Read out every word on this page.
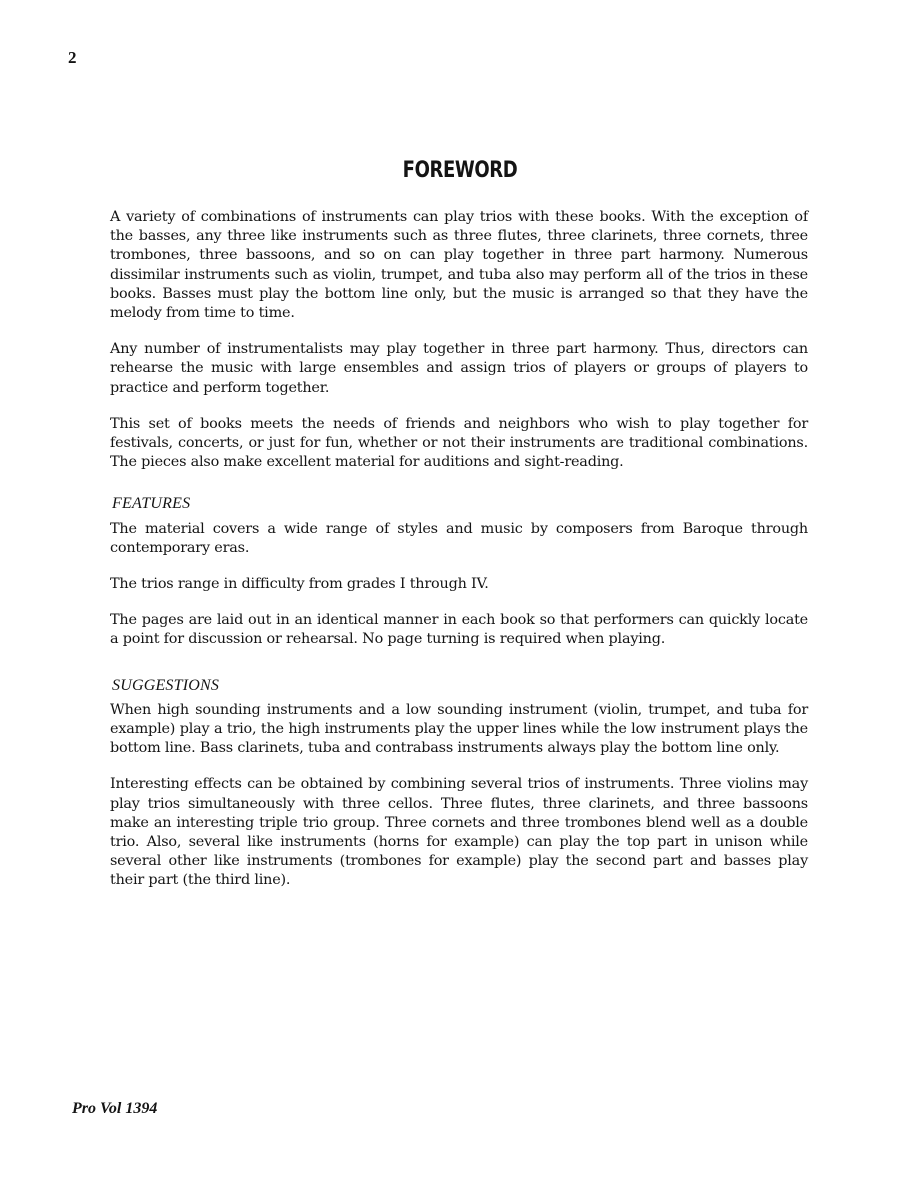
2
FOREWORD

A variety of combinations of instruments can play trios with these books. With the exception of the basses, any three like instruments such as three flutes, three clarinets, three cornets, three trombones, three bassoons, and so on can play together in three part harmony. Numerous dissimilar instruments such as violin, trumpet, and tuba also may perform all of the trios in these books. Basses must play the bottom line only, but the music is arranged so that they have the melody from time to time.

Any number of instrumentalists may play together in three part harmony. Thus, directors can rehearse the music with large ensembles and assign trios of players or groups of players to practice and perform together.

This set of books meets the needs of friends and neighbors who wish to play together for festivals, concerts, or just for fun, whether or not their instruments are traditional combinations. The pieces also make excellent material for auditions and sight-reading.

FEATURES

The material covers a wide range of styles and music by composers from Baroque through contemporary eras.

The trios range in difficulty from grades I through IV.

The pages are laid out in an identical manner in each book so that performers can quickly locate a point for discussion or rehearsal. No page turning is required when playing.

SUGGESTIONS

When high sounding instruments and a low sounding instrument (violin, trumpet, and tuba for example) play a trio, the high instruments play the upper lines while the low instrument plays the bottom line. Bass clarinets, tuba and contrabass instruments always play the bottom line only.

Interesting effects can be obtained by combining several trios of instruments. Three violins may play trios simultaneously with three cellos. Three flutes, three clarinets, and three bassoons make an interesting triple trio group. Three cornets and three trombones blend well as a double trio. Also, several like instruments (horns for example) can play the top part in unison while several other like instruments (trombones for example) play the second part and basses play their part (the third line).

Pro Vol 1394
